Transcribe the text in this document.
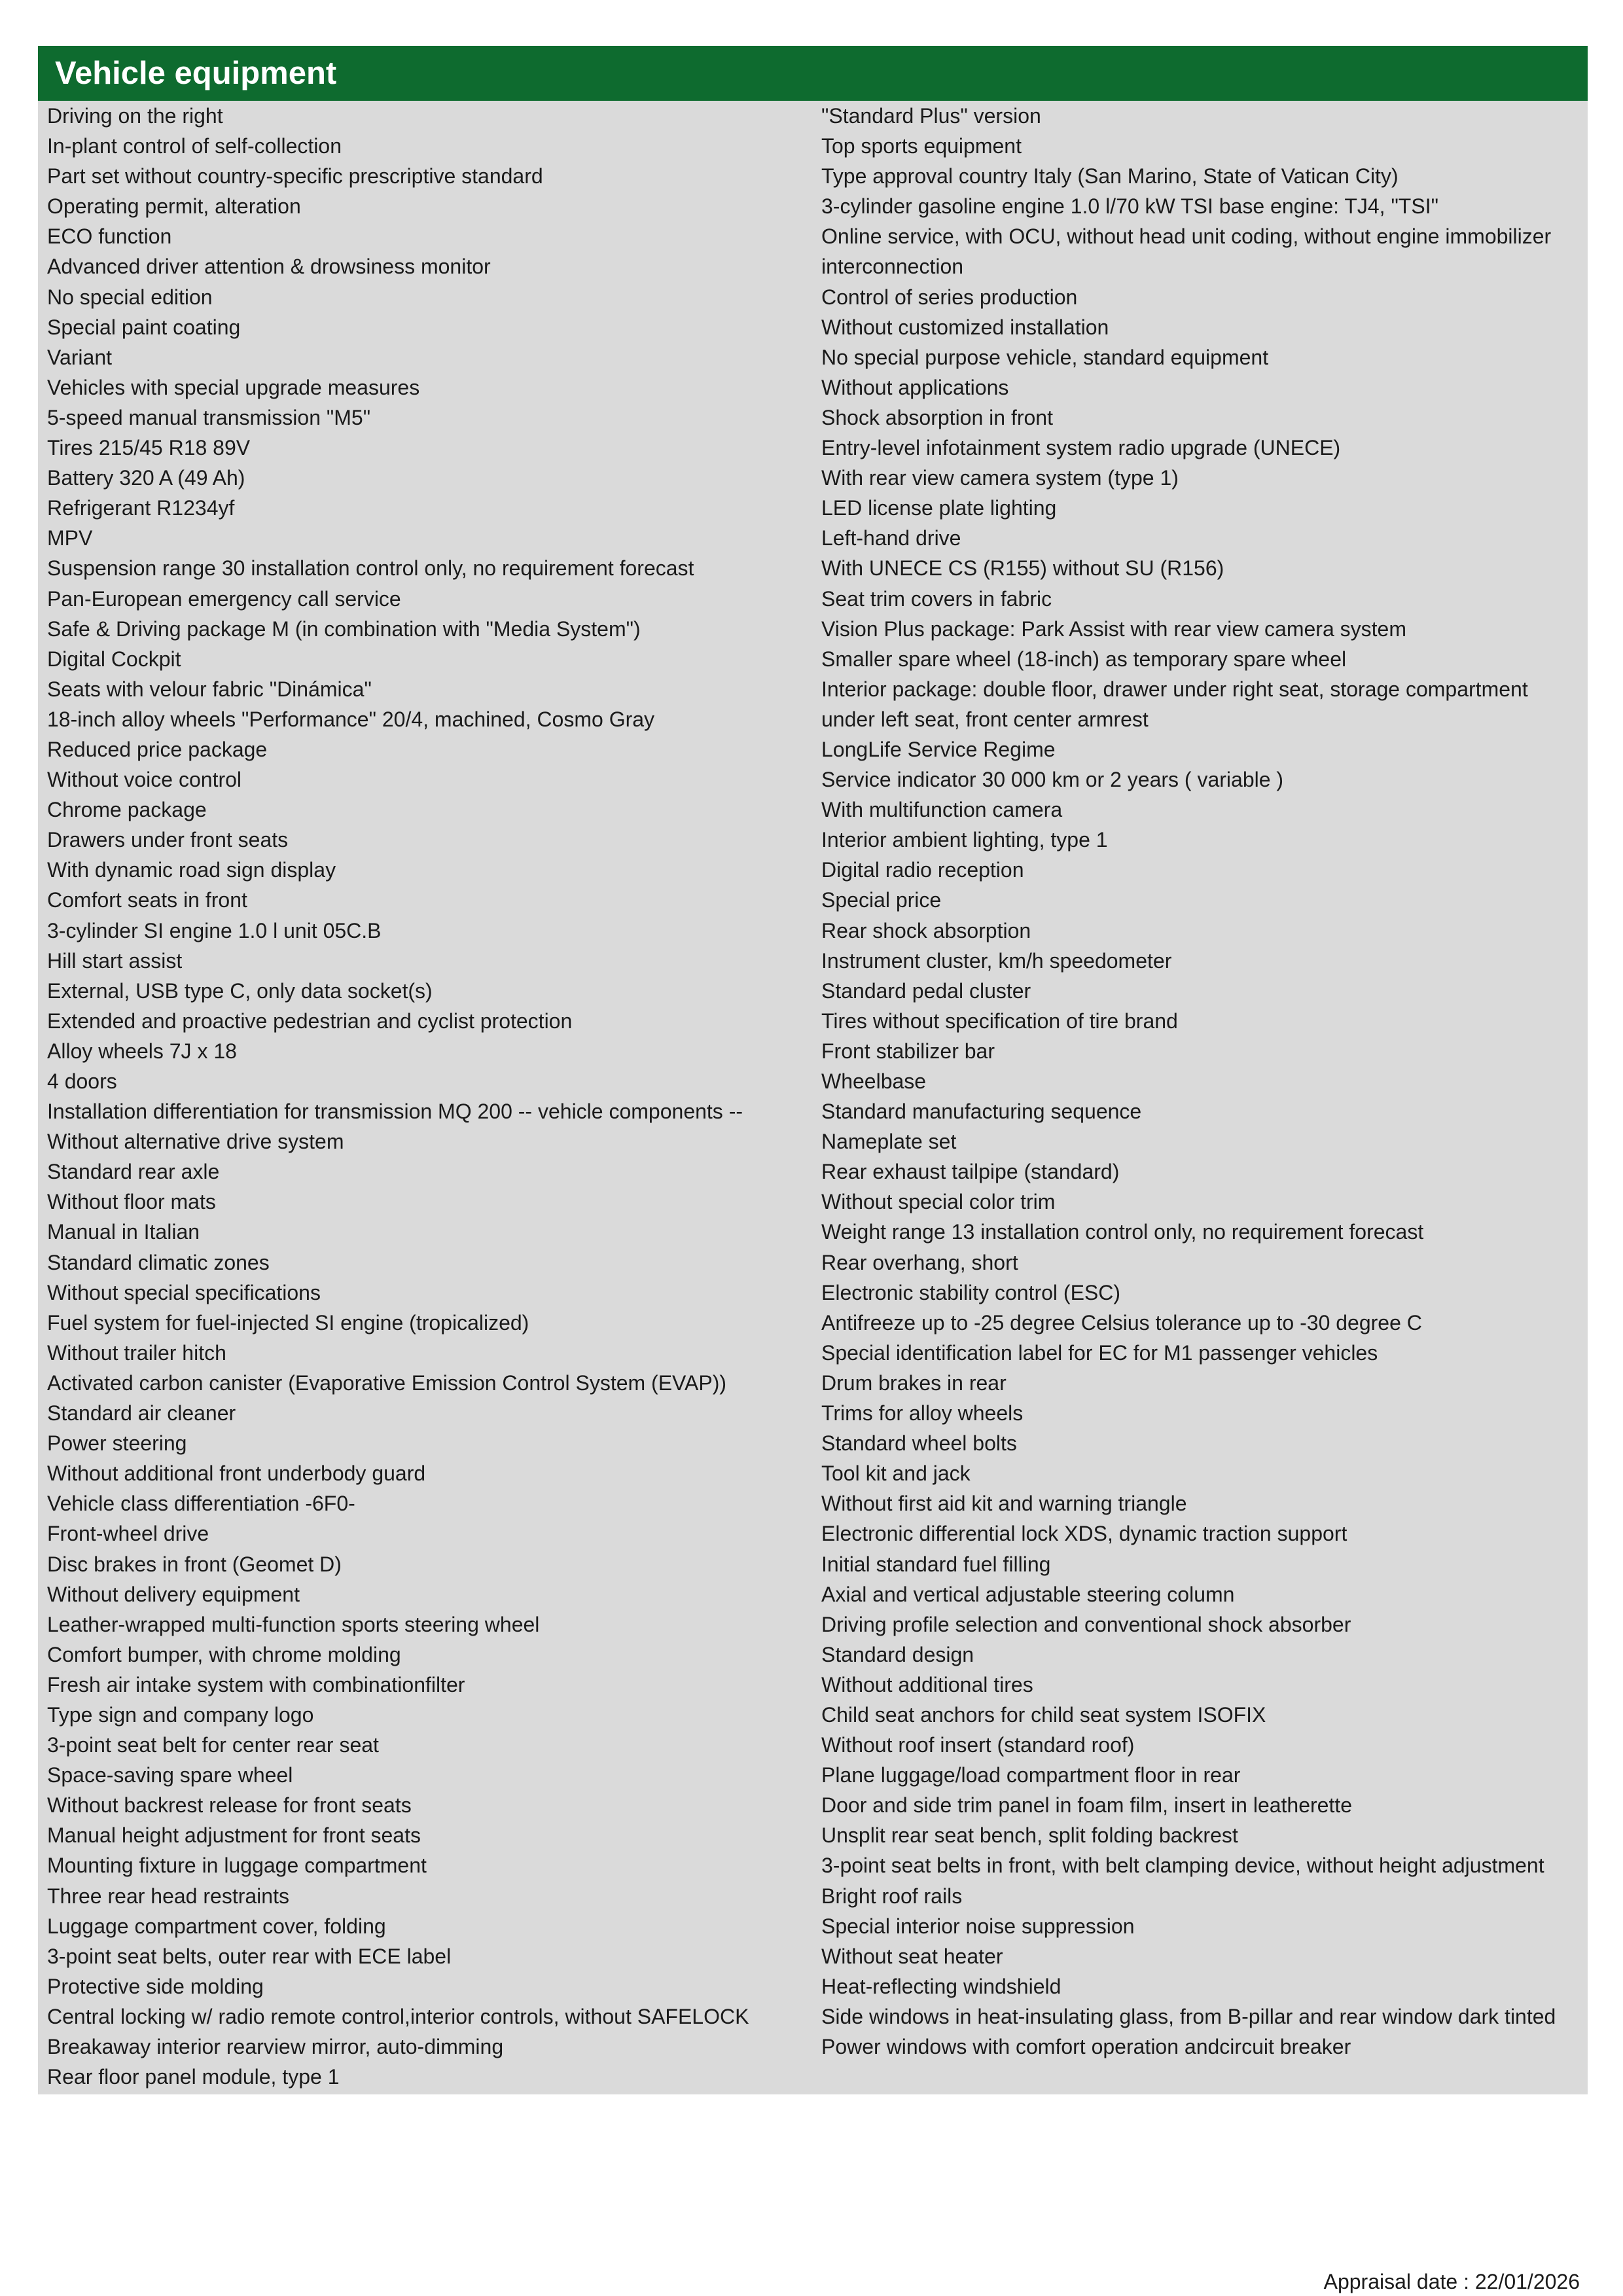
Vehicle equipment
Driving on the right
In-plant control of self-collection
Part set without country-specific prescriptive standard
Operating permit, alteration
ECO function
Advanced driver attention & drowsiness monitor
No special edition
Special paint coating
Variant
Vehicles with special upgrade measures
5-speed manual transmission "M5"
Tires 215/45 R18 89V
Battery 320 A (49 Ah)
Refrigerant R1234yf
MPV
Suspension range 30 installation control only, no requirement forecast
Pan-European emergency call service
Safe & Driving package M (in combination with "Media System")
Digital Cockpit
Seats with velour fabric "Dinámica"
18-inch alloy wheels "Performance" 20/4, machined, Cosmo Gray
Reduced price package
Without voice control
Chrome package
Drawers under front seats
With dynamic road sign display
Comfort seats in front
3-cylinder SI engine 1.0 l unit 05C.B
Hill start assist
External, USB type C, only data socket(s)
Extended and proactive pedestrian and cyclist protection
Alloy wheels 7J x 18
4 doors
Installation differentiation for transmission MQ 200 -- vehicle components --
Without alternative drive system
Standard rear axle
Without floor mats
Manual in Italian
Standard climatic zones
Without special specifications
Fuel system for fuel-injected SI engine (tropicalized)
Without trailer hitch
Activated carbon canister (Evaporative Emission Control System (EVAP))
Standard air cleaner
Power steering
Without additional front underbody guard
Vehicle class differentiation -6F0-
Front-wheel drive
Disc brakes in front (Geomet D)
Without delivery equipment
Leather-wrapped multi-function sports steering wheel
Comfort bumper, with chrome molding
Fresh air intake system with combinationfilter
Type sign and company logo
3-point seat belt for center rear seat
Space-saving spare wheel
Without backrest release for front seats
Manual height adjustment for front seats
Mounting fixture in luggage compartment
Three rear head restraints
Luggage compartment cover, folding
3-point seat belts, outer rear with ECE label
Protective side molding
Central locking w/ radio remote control,interior controls, without SAFELOCK
Breakaway interior rearview mirror, auto-dimming
Rear floor panel module, type 1
"Standard Plus" version
Top sports equipment
Type approval country Italy (San Marino, State of Vatican City)
3-cylinder gasoline engine 1.0 l/70 kW TSI base engine: TJ4, "TSI"
Online service, with OCU, without head unit coding, without engine immobilizer interconnection
Control of series production
Without customized installation
No special purpose vehicle, standard equipment
Without applications
Shock absorption in front
Entry-level infotainment system radio upgrade (UNECE)
With rear view camera system (type 1)
LED license plate lighting
Left-hand drive
With UNECE CS (R155) without SU (R156)
Seat trim covers in fabric
Vision Plus package: Park Assist with rear view camera system
Smaller spare wheel (18-inch) as temporary spare wheel
Interior package: double floor, drawer under right seat, storage compartment under left seat, front center armrest
LongLife Service Regime
Service indicator 30 000 km or 2 years ( variable )
With multifunction camera
Interior ambient lighting, type 1
Digital radio reception
Special price
Rear shock absorption
Instrument cluster, km/h speedometer
Standard pedal cluster
Tires without specification of tire brand
Front stabilizer bar
Wheelbase
Standard manufacturing sequence
Nameplate set
Rear exhaust tailpipe (standard)
Without special color trim
Weight range 13 installation control only, no requirement forecast
Rear overhang, short
Electronic stability control (ESC)
Antifreeze up to -25 degree Celsius tolerance up to -30 degree C
Special identification label for EC for M1 passenger vehicles
Drum brakes in rear
Trims for alloy wheels
Standard wheel bolts
Tool kit and jack
Without first aid kit and warning triangle
Electronic differential lock XDS, dynamic traction support
Initial standard fuel filling
Axial and vertical adjustable steering column
Driving profile selection and conventional shock absorber
Standard design
Without additional tires
Child seat anchors for child seat system ISOFIX
Without roof insert (standard roof)
Plane luggage/load compartment floor in rear
Door and side trim panel in foam film, insert in leatherette
Unsplit rear seat bench, split folding backrest
3-point seat belts in front, with belt clamping device, without height adjustment
Bright roof rails
Special interior noise suppression
Without seat heater
Heat-reflecting windshield
Side windows in heat-insulating glass, from B-pillar and rear window dark tinted
Power windows with comfort operation andcircuit breaker
Appraisal date : 22/01/2026
